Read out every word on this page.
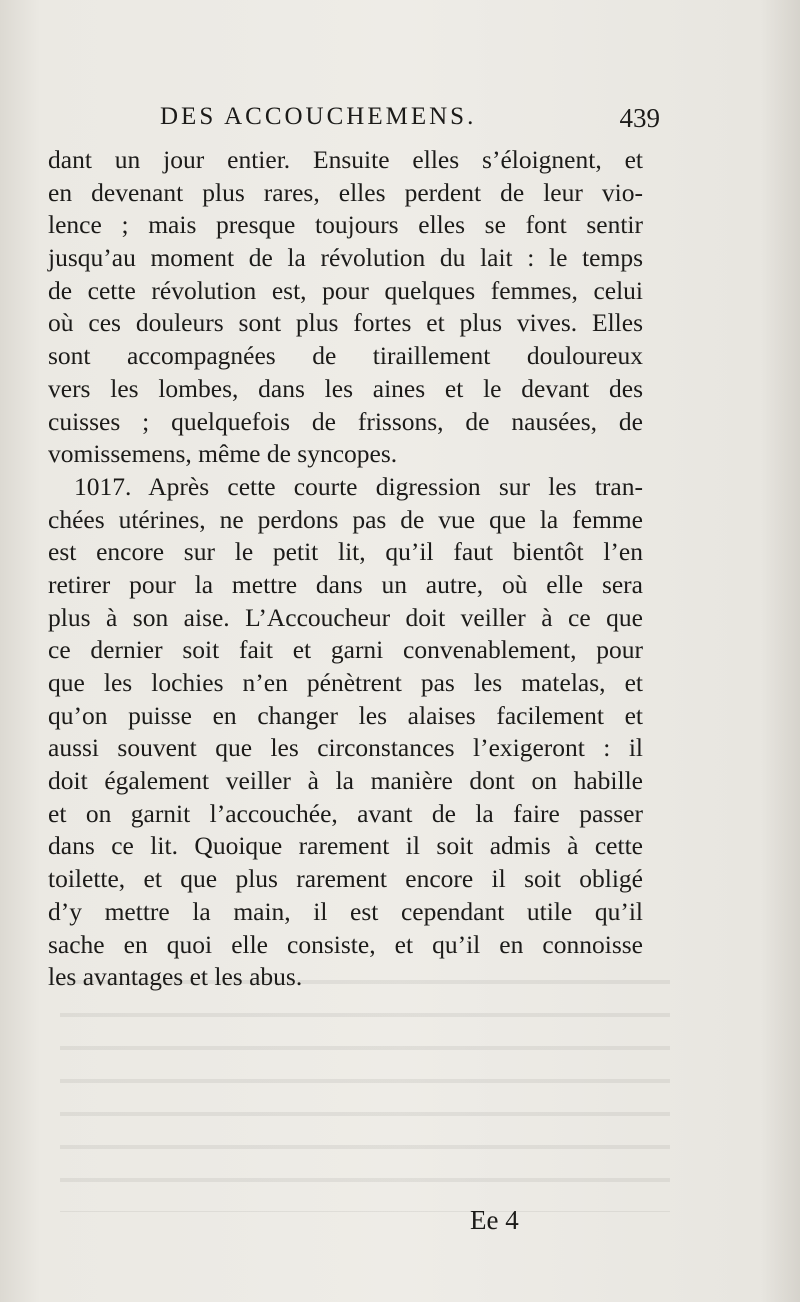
DES ACCOUCHEMENS.	439
dant un jour entier. Ensuite elles s’éloignent, et
en devenant plus rares, elles perdent de leur vio-
lence ; mais presque toujours elles se font sentir
jusqu’au moment de la révolution du lait : le temps
de cette révolution est, pour quelques femmes, celui
où ces douleurs sont plus fortes et plus vives. Elles
sont accompagnées de tiraillement douloureux
vers les lombes, dans les aines et le devant des
cuisses ; quelquefois de frissons, de nausées, de
vomissemens, même de syncopes.
1017. Après cette courte digression sur les tran-
chées utérines, ne perdons pas de vue que la femme
est encore sur le petit lit, qu’il faut bientôt l’en
retirer pour la mettre dans un autre, où elle sera
plus à son aise. L’Accoucheur doit veiller à ce que
ce dernier soit fait et garni convenablement, pour
que les lochies n’en pénètrent pas les matelas, et
qu’on puisse en changer les alaises facilement et
aussi souvent que les circonstances l’exigeront : il
doit également veiller à la manière dont on habille
et on garnit l’accouchée, avant de la faire passer
dans ce lit. Quoique rarement il soit admis à cette
toilette, et que plus rarement encore il soit obligé
d’y mettre la main, il est cependant utile qu’il
sache en quoi elle consiste, et qu’il en connoisse
les avantages et les abus.
Ee 4
